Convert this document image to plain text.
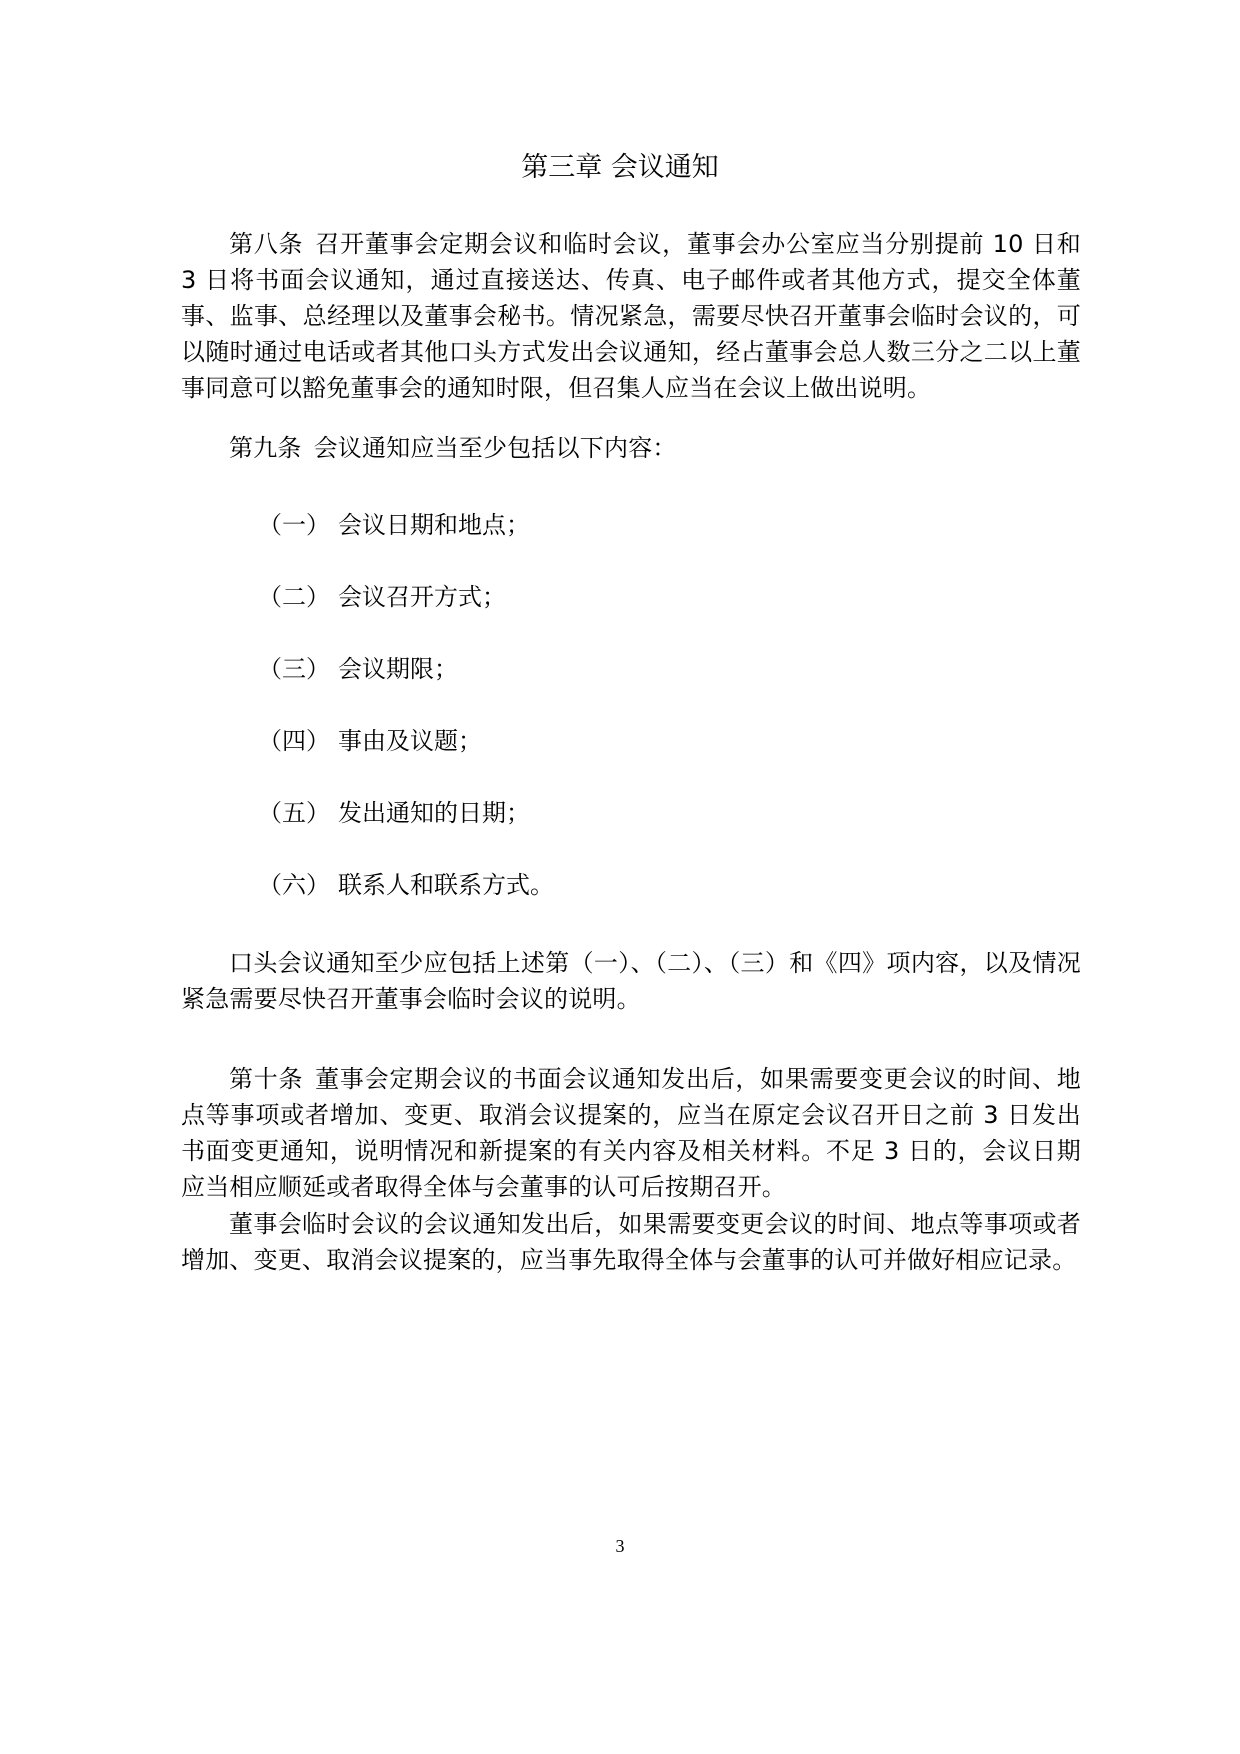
第三章 会议通知

第八条 召开董事会定期会议和临时会议，董事会办公室应当分别提前 10 日和 3 日将书面会议通知，通过直接送达、传真、电子邮件或者其他方式，提交全体董事、监事、总经理以及董事会秘书。情况紧急，需要尽快召开董事会临时会议的，可以随时通过电话或者其他口头方式发出会议通知，经占董事会总人数三分之二以上董事同意可以豁免董事会的通知时限，但召集人应当在会议上做出说明。

第九条 会议通知应当至少包括以下内容：

（一） 会议日期和地点；

（二） 会议召开方式；

（三） 会议期限；

（四） 事由及议题；

（五） 发出通知的日期；

（六） 联系人和联系方式。

口头会议通知至少应包括上述第（一）、（二）、（三）和《四》项内容，以及情况紧急需要尽快召开董事会临时会议的说明。

第十条 董事会定期会议的书面会议通知发出后，如果需要变更会议的时间、地点等事项或者增加、变更、取消会议提案的，应当在原定会议召开日之前 3 日发出书面变更通知，说明情况和新提案的有关内容及相关材料。不足 3 日的，会议日期应当相应顺延或者取得全体与会董事的认可后按期召开。

董事会临时会议的会议通知发出后，如果需要变更会议的时间、地点等事项或者增加、变更、取消会议提案的，应当事先取得全体与会董事的认可并做好相应记录。

3
